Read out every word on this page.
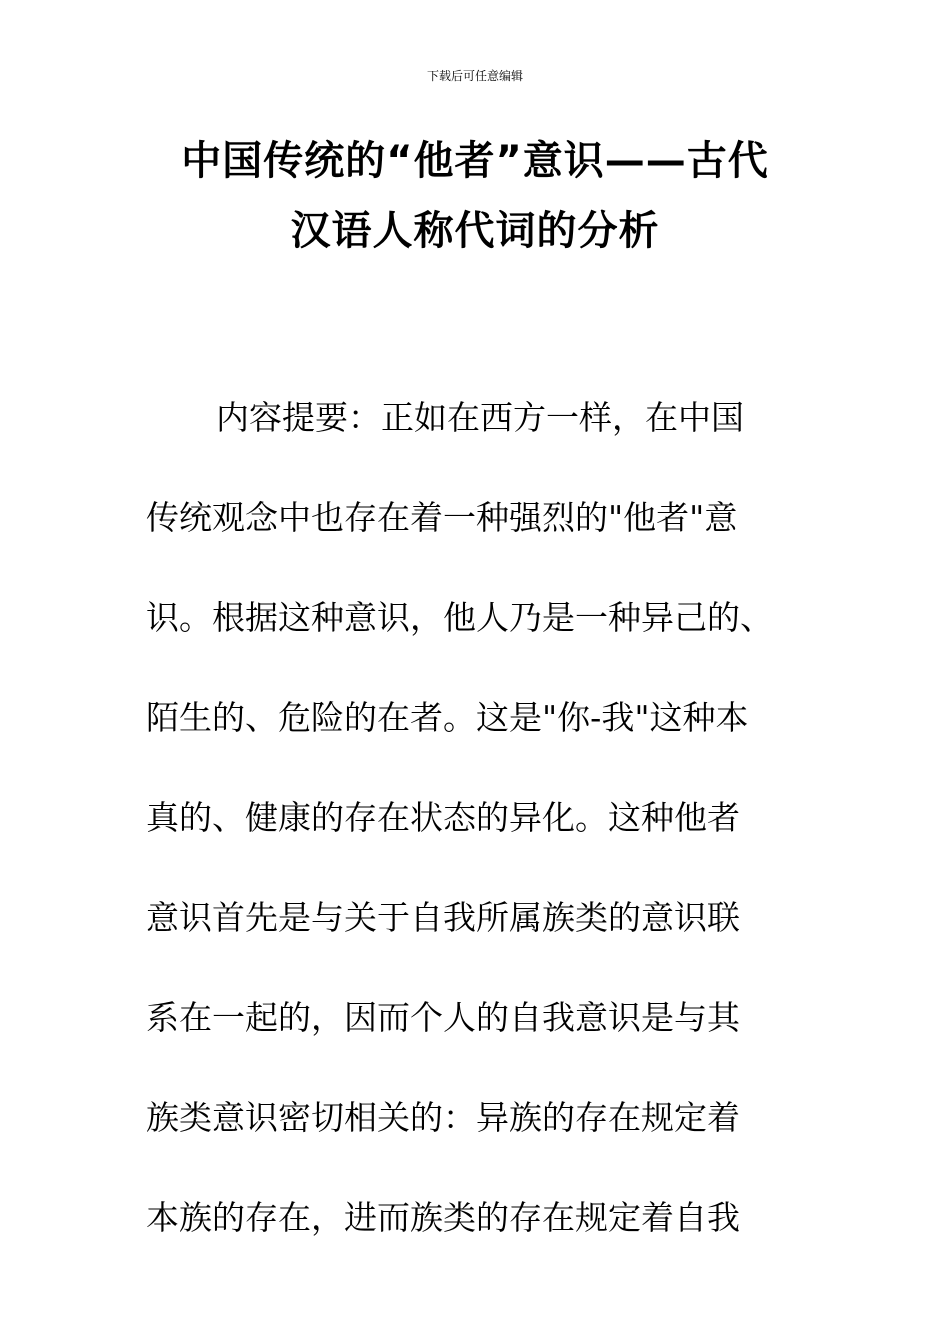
下载后可任意编辑
中国传统的“他者”意识——古代
汉语人称代词的分析
内容提要：正如在西方一样，在中国
传统观念中也存在着一种强烈的"他者"意
识。根据这种意识，他人乃是一种异己的、
陌生的、危险的在者。这是"你-我"这种本
真的、健康的存在状态的异化。这种他者
意识首先是与关于自我所属族类的意识联
系在一起的，因而个人的自我意识是与其
族类意识密切相关的：异族的存在规定着
本族的存在，进而族类的存在规定着自我
